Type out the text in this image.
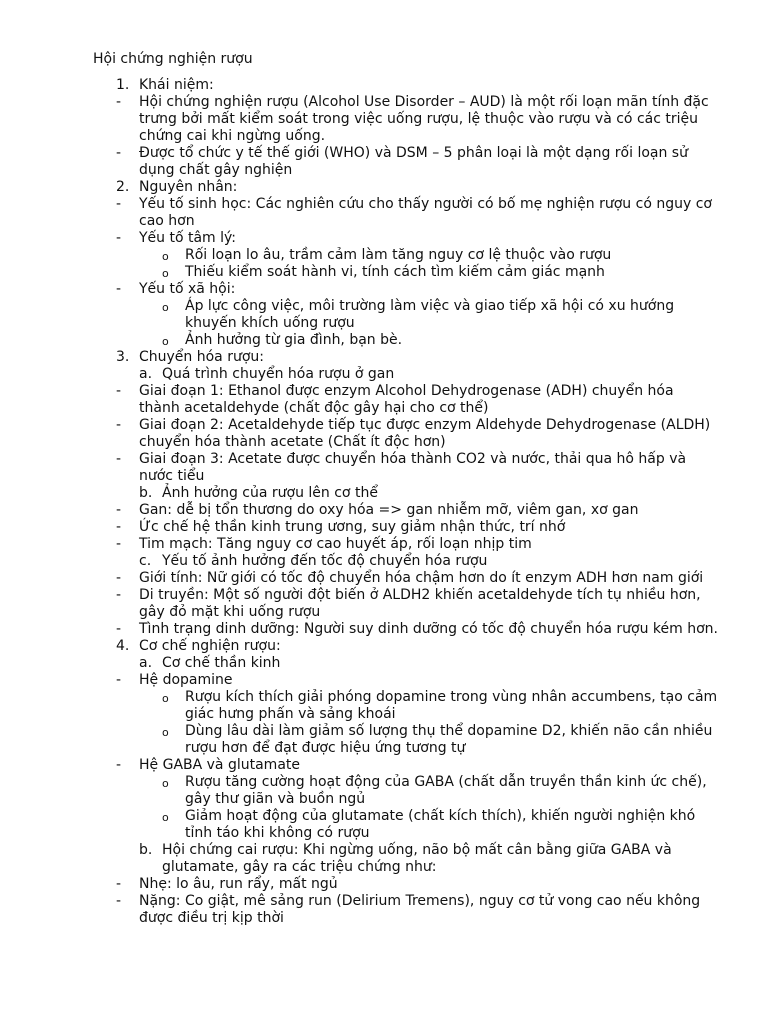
Hội chứng nghiện rượu
1. Khái niệm:
- Hội chứng nghiện rượu (Alcohol Use Disorder – AUD) là một rối loạn mãn tính đặc trưng bởi mất kiểm soát trong việc uống rượu, lệ thuộc vào rượu và có các triệu chứng cai khi ngừng uống.
- Được tổ chức y tế thế giới (WHO) và DSM – 5 phân loại là một dạng rối loạn sử dụng chất gây nghiện
2. Nguyên nhân:
- Yếu tố sinh học: Các nghiên cứu cho thấy người có bố mẹ nghiện rượu có nguy cơ cao hơn
- Yếu tố tâm lý:
o Rối loạn lo âu, trầm cảm làm tăng nguy cơ lệ thuộc vào rượu
o Thiếu kiểm soát hành vi, tính cách tìm kiếm cảm giác mạnh
- Yếu tố xã hội:
o Áp lực công việc, môi trường làm việc và giao tiếp xã hội có xu hướng khuyến khích uống rượu
o Ảnh hưởng từ gia đình, bạn bè.
3. Chuyển hóa rượu:
a. Quá trình chuyển hóa rượu ở gan
- Giai đoạn 1: Ethanol được enzym Alcohol Dehydrogenase (ADH) chuyển hóa thành acetaldehyde (chất độc gây hại cho cơ thể)
- Giai đoạn 2: Acetaldehyde tiếp tục được enzym Aldehyde Dehydrogenase (ALDH) chuyển hóa thành acetate (Chất ít độc hơn)
- Giai đoạn 3: Acetate được chuyển hóa thành CO2 và nước, thải qua hô hấp và nước tiểu
b. Ảnh hưởng của rượu lên cơ thể
- Gan: dễ bị tổn thương do oxy hóa => gan nhiễm mỡ, viêm gan, xơ gan
- Ức chế hệ thần kinh trung ương, suy giảm nhận thức, trí nhớ
- Tim mạch: Tăng nguy cơ cao huyết áp, rối loạn nhịp tim
c. Yếu tố ảnh hưởng đến tốc độ chuyển hóa rượu
- Giới tính: Nữ giới có tốc độ chuyển hóa chậm hơn do ít enzym ADH hơn nam giới
- Di truyền: Một số người đột biến ở ALDH2 khiến acetaldehyde tích tụ nhiều hơn, gây đỏ mặt khi uống rượu
- Tình trạng dinh dưỡng: Người suy dinh dưỡng có tốc độ chuyển hóa rượu kém hơn.
4. Cơ chế nghiện rượu:
a. Cơ chế thần kinh
- Hệ dopamine
o Rượu kích thích giải phóng dopamine trong vùng nhân accumbens, tạo cảm giác hưng phấn và sảng khoái
o Dùng lâu dài làm giảm số lượng thụ thể dopamine D2, khiến não cần nhiều rượu hơn để đạt được hiệu ứng tương tự
- Hệ GABA và glutamate
o Rượu tăng cường hoạt động của GABA (chất dẫn truyền thần kinh ức chế), gây thư giãn và buồn ngủ
o Giảm hoạt động của glutamate (chất kích thích), khiến người nghiện khó tỉnh táo khi không có rượu
b. Hội chứng cai rượu: Khi ngừng uống, não bộ mất cân bằng giữa GABA và glutamate, gây ra các triệu chứng như:
- Nhẹ: lo âu, run rẩy, mất ngủ
- Nặng: Co giật, mê sảng run (Delirium Tremens), nguy cơ tử vong cao nếu không được điều trị kịp thời
